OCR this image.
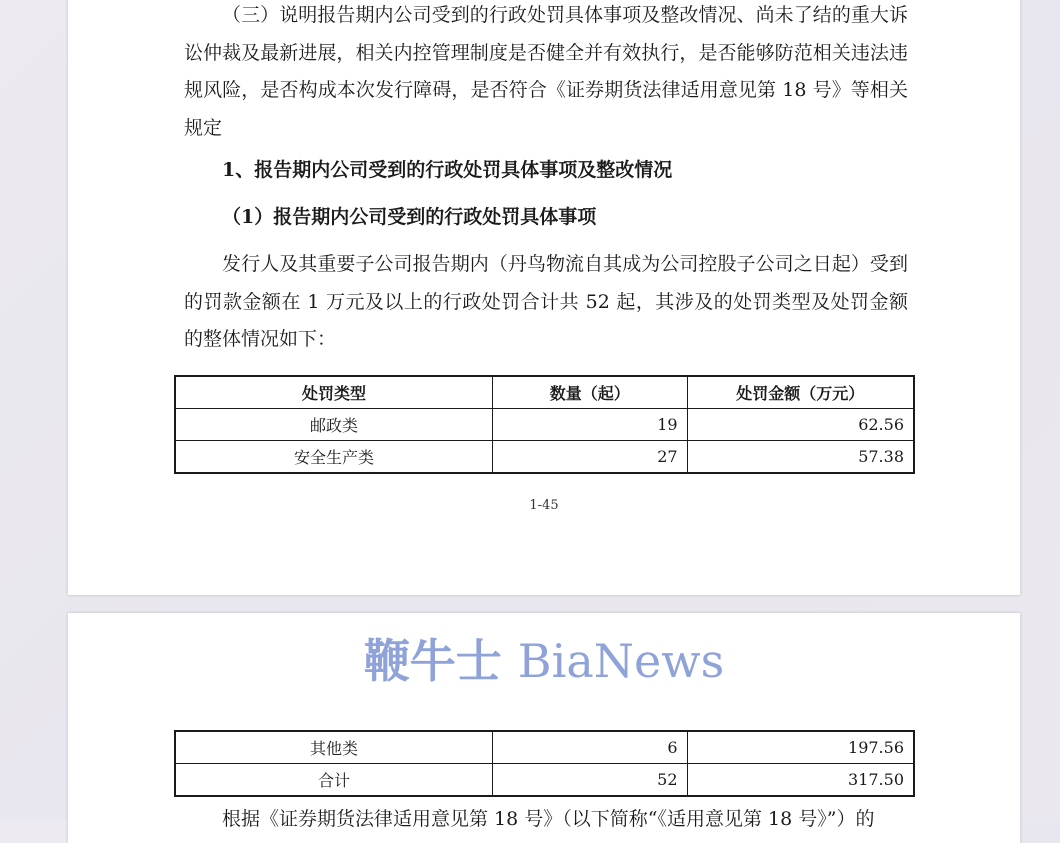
（三）说明报告期内公司受到的行政处罚具体事项及整改情况、尚未了结的重大诉讼仲裁及最新进展，相关内控管理制度是否健全并有效执行，是否能够防范相关违法违规风险，是否构成本次发行障碍，是否符合《证券期货法律适用意见第 18 号》等相关规定

1、报告期内公司受到的行政处罚具体事项及整改情况

（1）报告期内公司受到的行政处罚具体事项

发行人及其重要子公司报告期内（丹鸟物流自其成为公司控股子公司之日起）受到的罚款金额在 1 万元及以上的行政处罚合计共 52 起，其涉及的处罚类型及处罚金额的整体情况如下：

处罚类型	数量（起）	处罚金额（万元）
邮政类	19	62.56
安全生产类	27	57.38
1-45
鞭牛士 BiaNews
其他类	6	197.56
合计	52	317.50

根据《证券期货法律适用意见第 18 号》（以下简称“《适用意见第 18 号》”）的
